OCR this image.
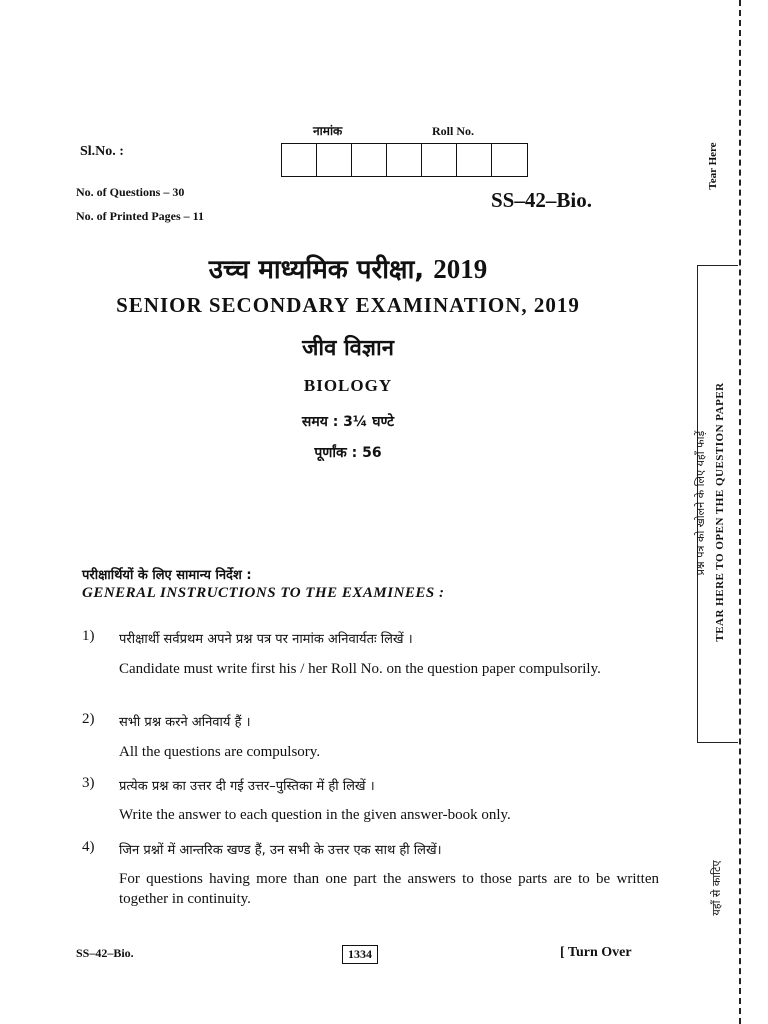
Sl.No. :
नामांक	Roll No.
No. of Questions – 30
No. of Printed Pages – 11
SS–42–Bio.
उच्च माध्यमिक परीक्षा, 2019
SENIOR SECONDARY EXAMINATION, 2019
जीव विज्ञान
BIOLOGY
समय : 3¼ घण्टे
पूर्णांक : 56
परीक्षार्थियों के लिए सामान्य निर्देश :
GENERAL INSTRUCTIONS TO THE EXAMINEES :
1) परीक्षार्थी सर्वप्रथम अपने प्रश्न पत्र पर नामांक अनिवार्यतः लिखें ।
Candidate must write first his / her Roll No. on the question paper compulsorily.
2) सभी प्रश्न करने अनिवार्य हैं ।
All the questions are compulsory.
3) प्रत्येक प्रश्न का उत्तर दी गई उत्तर–पुस्तिका में ही लिखें ।
Write the answer to each question in the given answer-book only.
4) जिन प्रश्नों में आन्तरिक खण्ड हैं, उन सभी के उत्तर एक साथ ही लिखें।
For questions having more than one part the answers to those parts are to be written together in continuity.
SS–42–Bio.	1334	[ Turn Over
Tear Here
प्रश्न पत्र को खोलने के लिए यहाँ फाड़ें TEAR HERE TO OPEN THE QUESTION PAPER
यहाँ से काटिए
